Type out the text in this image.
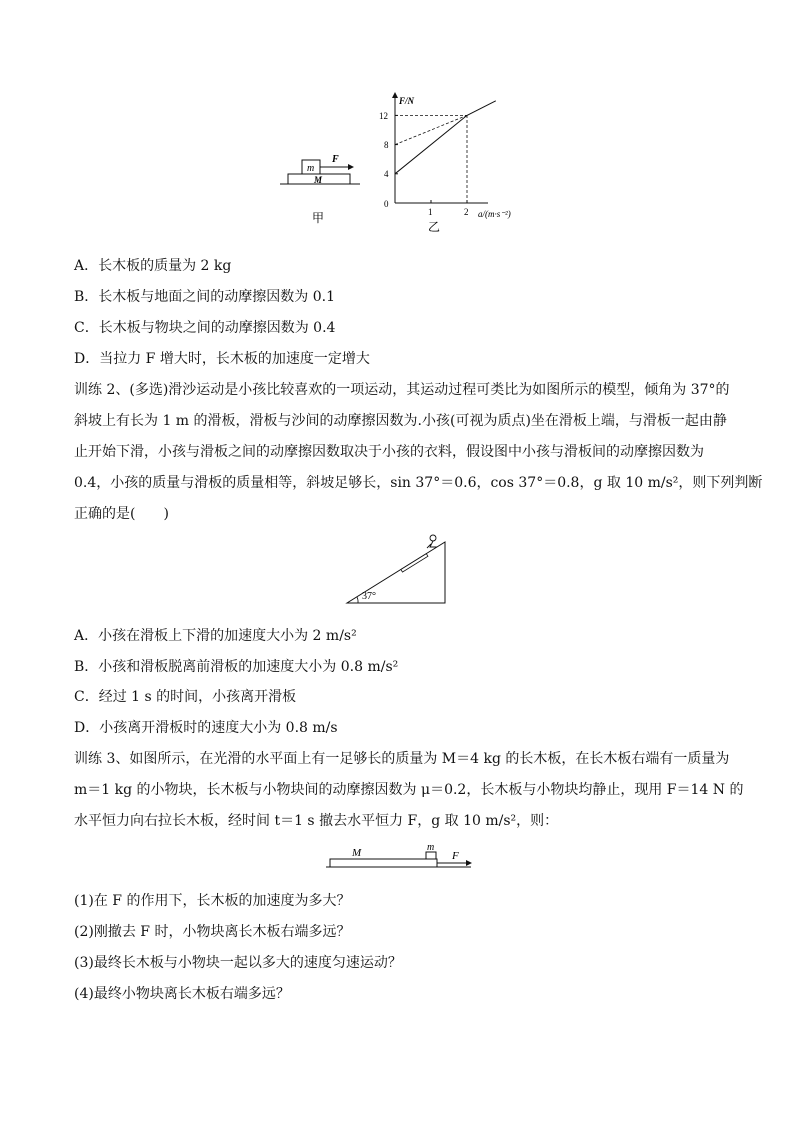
m
F
M
甲
F/N
a/(m·s⁻²)
12
8
4
0
1	2
乙
A．长木板的质量为 2 kg
B．长木板与地面之间的动摩擦因数为 0.1
C．长木板与物块之间的动摩擦因数为 0.4
D．当拉力 F 增大时，长木板的加速度一定增大
训练 2、(多选)滑沙运动是小孩比较喜欢的一项运动，其运动过程可类比为如图所示的模型，倾角为 37°的
斜坡上有长为 1 m 的滑板，滑板与沙间的动摩擦因数为.小孩(可视为质点)坐在滑板上端，与滑板一起由静
止开始下滑，小孩与滑板之间的动摩擦因数取决于小孩的衣料，假设图中小孩与滑板间的动摩擦因数为
0.4，小孩的质量与滑板的质量相等，斜坡足够长，sin 37°＝0.6，cos 37°＝0.8，g 取 10 m/s²，则下列判断
正确的是(　　)
37°
A．小孩在滑板上下滑的加速度大小为 2 m/s²
B．小孩和滑板脱离前滑板的加速度大小为 0.8 m/s²
C．经过 1 s 的时间，小孩离开滑板
D．小孩离开滑板时的速度大小为 0.8 m/s
训练 3、如图所示，在光滑的水平面上有一足够长的质量为 M＝4 kg 的长木板，在长木板右端有一质量为
m＝1 kg 的小物块，长木板与小物块间的动摩擦因数为 μ＝0.2，长木板与小物块均静止，现用 F＝14 N 的
水平恒力向右拉长木板，经时间 t＝1 s 撤去水平恒力 F，g 取 10 m/s²，则：
M	m
F
(1)在 F 的作用下，长木板的加速度为多大？
(2)刚撤去 F 时，小物块离长木板右端多远？
(3)最终长木板与小物块一起以多大的速度匀速运动？
(4)最终小物块离长木板右端多远？
